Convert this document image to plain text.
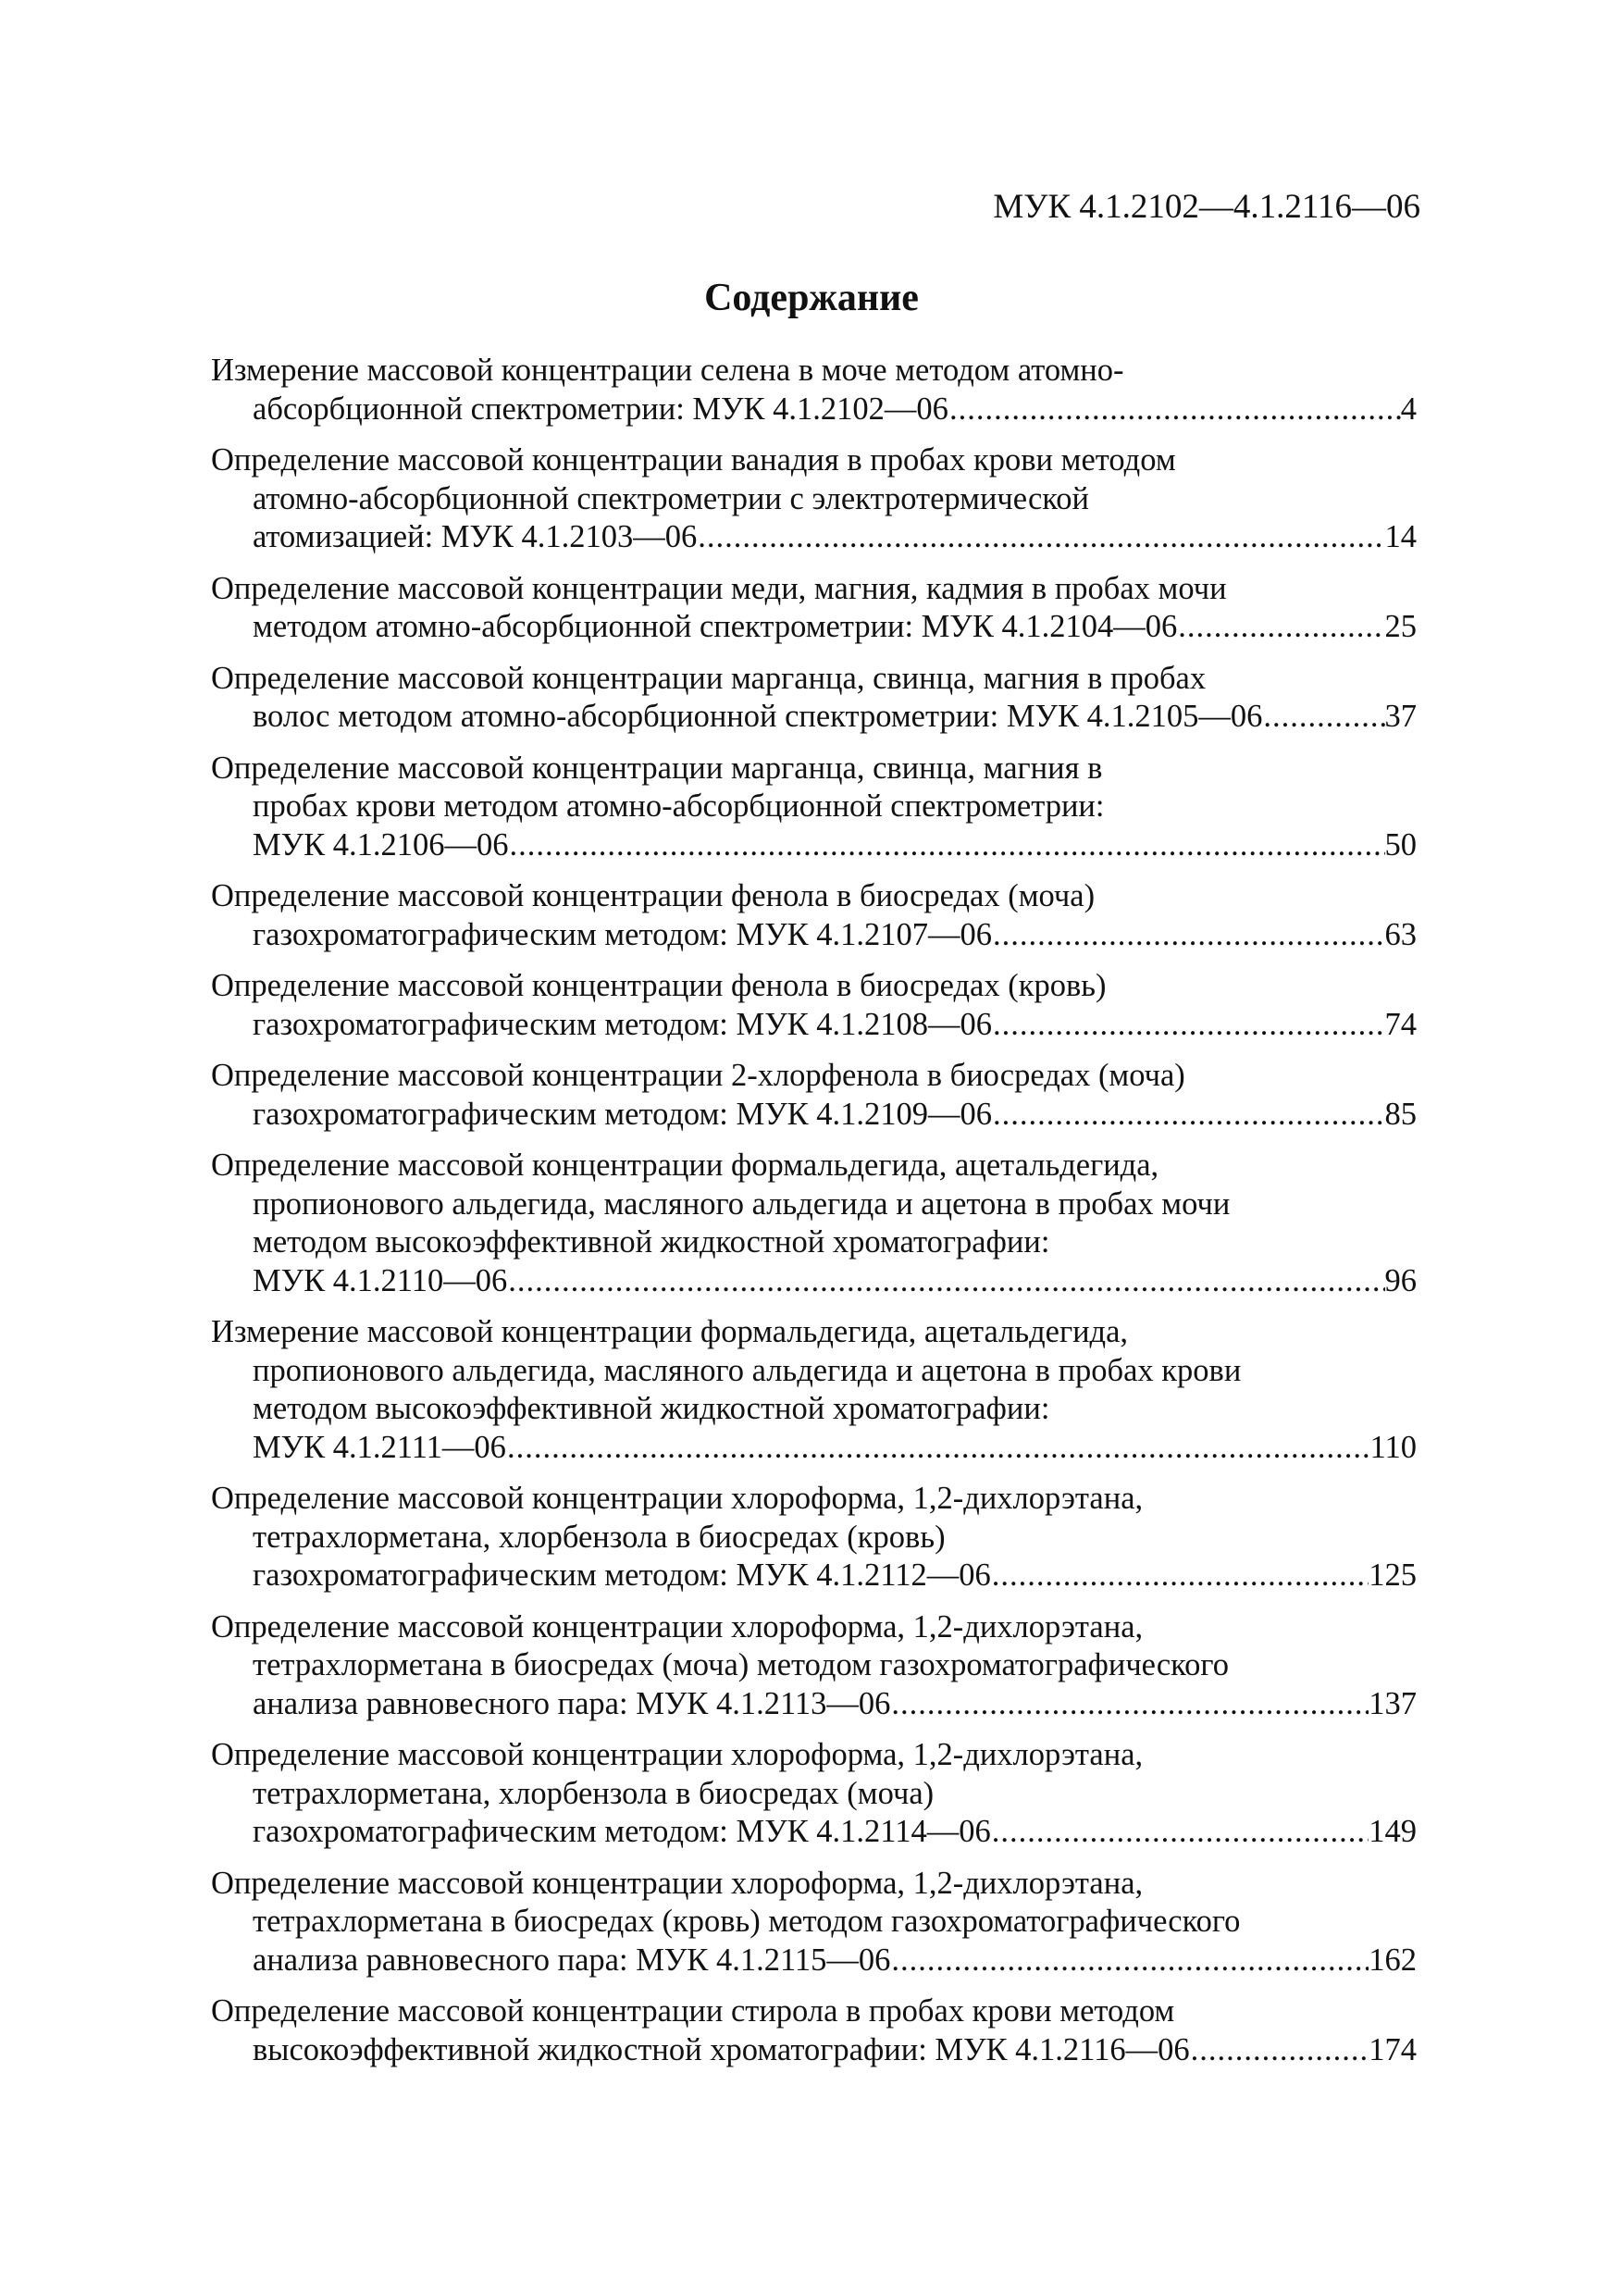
МУК 4.1.2102—4.1.2116—06
Содержание
Измерение массовой концентрации селена в моче методом атомно-
абсорбционной спектрометрии: МУК 4.1.2102—06 .....	4
Определение массовой концентрации ванадия в пробах крови методом
атомно-абсорбционной спектрометрии с электротермической
атомизацией: МУК 4.1.2103—06 .....	14
Определение массовой концентрации меди, магния, кадмия в пробах мочи
методом атомно-абсорбционной спектрометрии: МУК 4.1.2104—06 .....	25
Определение массовой концентрации марганца, свинца, магния в пробах
волос методом атомно-абсорбционной спектрометрии: МУК 4.1.2105—06 .....	37
Определение массовой концентрации марганца, свинца, магния в
пробах крови методом атомно-абсорбционной спектрометрии:
МУК 4.1.2106—06 .....	50
Определение массовой концентрации фенола в биосредах (моча)
газохроматографическим методом: МУК 4.1.2107—06 .....	63
Определение массовой концентрации фенола в биосредах (кровь)
газохроматографическим методом: МУК 4.1.2108—06 .....	74
Определение массовой концентрации 2-хлорфенола в биосредах (моча)
газохроматографическим методом: МУК 4.1.2109—06 .....	85
Определение массовой концентрации формальдегида, ацетальдегида,
пропионового альдегида, масляного альдегида и ацетона в пробах мочи
методом высокоэффективной жидкостной хроматографии:
МУК 4.1.2110—06 .....	96
Измерение массовой концентрации формальдегида, ацетальдегида,
пропионового альдегида, масляного альдегида и ацетона в пробах крови
методом высокоэффективной жидкостной хроматографии:
МУК 4.1.2111—06 .....	110
Определение массовой концентрации хлороформа, 1,2-дихлорэтана,
тетрахлорметана, хлорбензола в биосредах (кровь)
газохроматографическим методом: МУК 4.1.2112—06 .....	125
Определение массовой концентрации хлороформа, 1,2-дихлорэтана,
тетрахлорметана в биосредах (моча) методом газохроматографического
анализа равновесного пара: МУК 4.1.2113—06 .....	137
Определение массовой концентрации хлороформа, 1,2-дихлорэтана,
тетрахлорметана, хлорбензола в биосредах (моча)
газохроматографическим методом: МУК 4.1.2114—06 .....	149
Определение массовой концентрации хлороформа, 1,2-дихлорэтана,
тетрахлорметана в биосредах (кровь) методом газохроматографического
анализа равновесного пара: МУК 4.1.2115—06 .....	162
Определение массовой концентрации стирола в пробах крови методом
высокоэффективной жидкостной хроматографии: МУК 4.1.2116—06 .....	174
